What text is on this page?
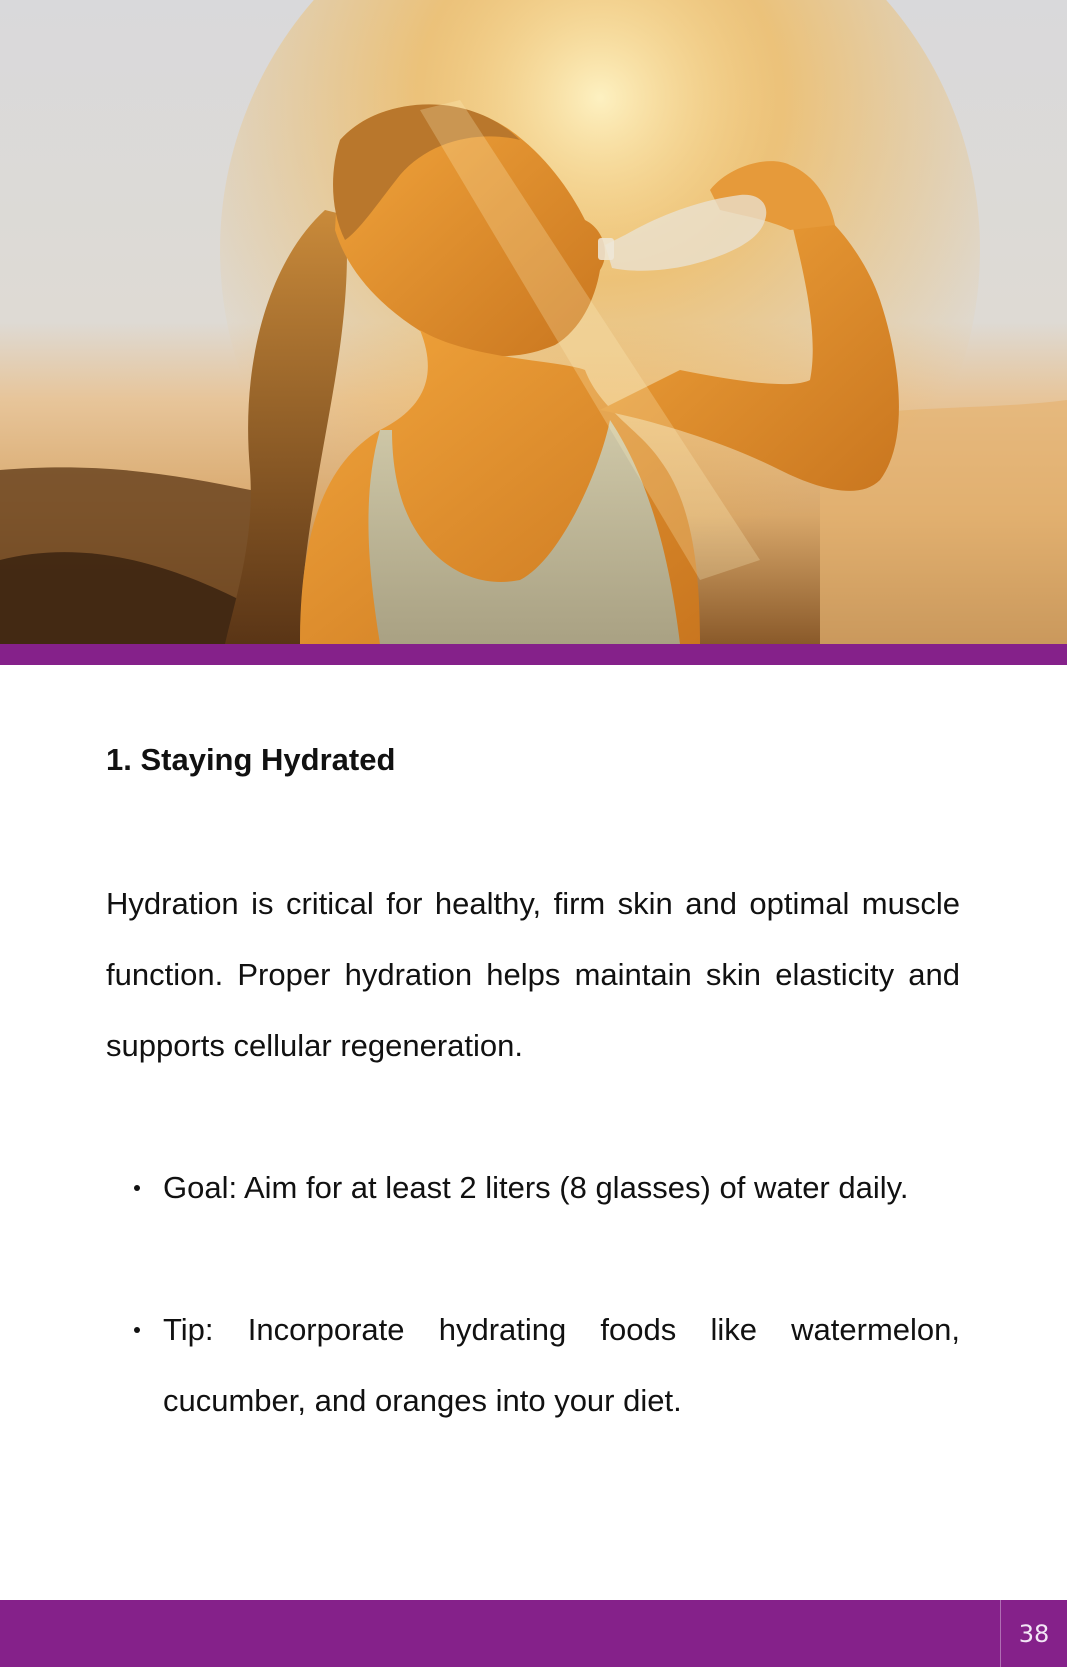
1. Staying Hydrated

Hydration is critical for healthy, firm skin and optimal muscle function. Proper hydration helps maintain skin elasticity and supports cellular regeneration.

Goal: Aim for at least 2 liters (8 glasses) of water daily.
Tip: Incorporate hydrating foods like watermelon, cucumber, and oranges into your diet.
38
